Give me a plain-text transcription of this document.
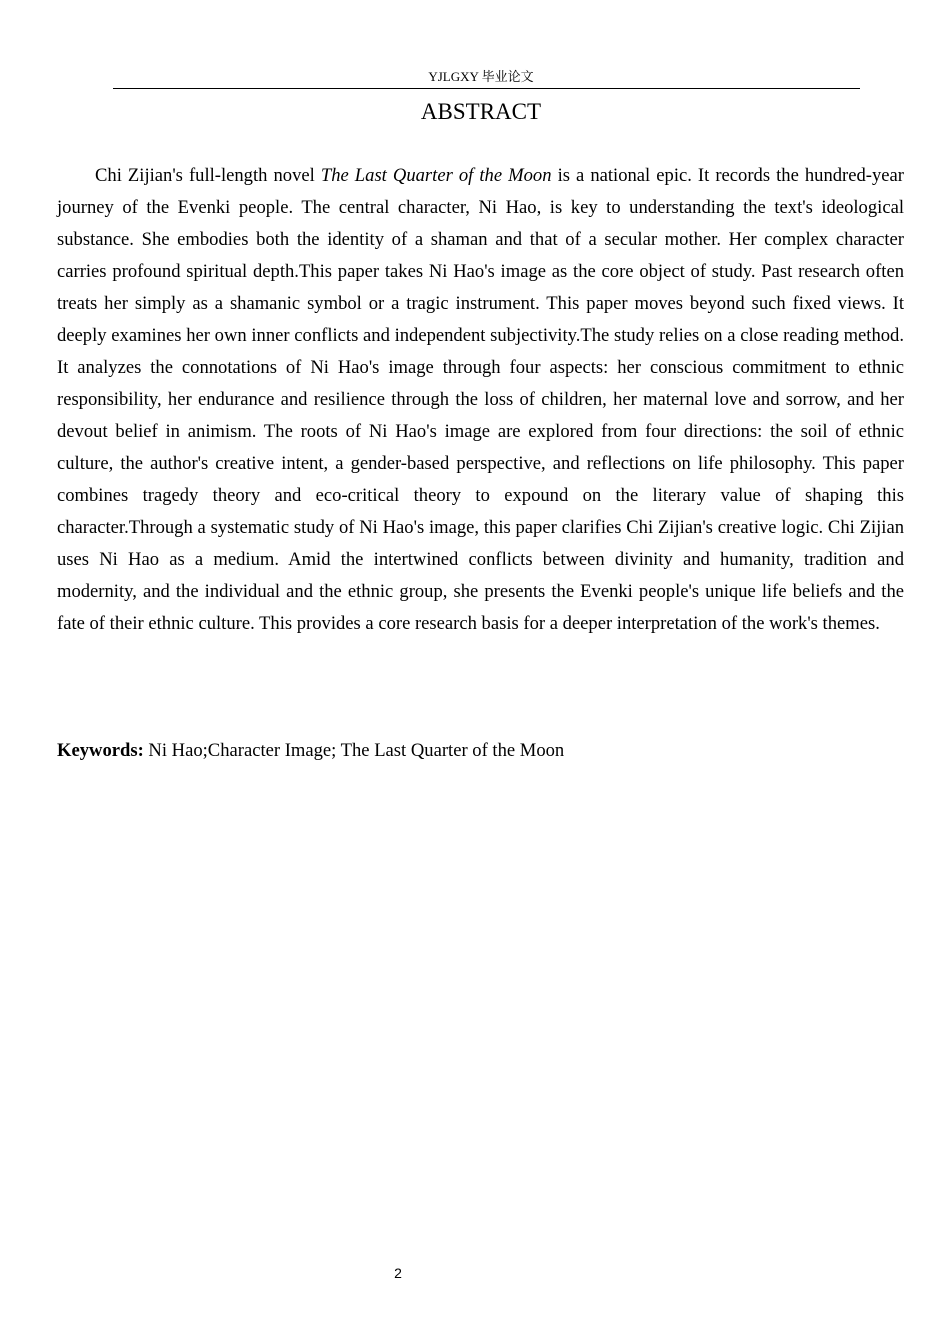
YJLGXY 毕业论文
ABSTRACT

Chi Zijian's full-length novel The Last Quarter of the Moon is a national epic. It records the hundred-year journey of the Evenki people. The central character, Ni Hao, is key to understanding the text's ideological substance. She embodies both the identity of a shaman and that of a secular mother. Her complex character carries profound spiritual depth.This paper takes Ni Hao's image as the core object of study. Past research often treats her simply as a shamanic symbol or a tragic instrument. This paper moves beyond such fixed views. It deeply examines her own inner conflicts and independent subjectivity.The study relies on a close reading method. It analyzes the connotations of Ni Hao's image through four aspects: her conscious commitment to ethnic responsibility, her endurance and resilience through the loss of children, her maternal love and sorrow, and her devout belief in animism. The roots of Ni Hao's image are explored from four directions: the soil of ethnic culture, the author's creative intent, a gender-based perspective, and reflections on life philosophy. This paper combines tragedy theory and eco-critical theory to expound on the literary value of shaping this character.Through a systematic study of Ni Hao's image, this paper clarifies Chi Zijian's creative logic. Chi Zijian uses Ni Hao as a medium. Amid the intertwined conflicts between divinity and humanity, tradition and modernity, and the individual and the ethnic group, she presents the Evenki people's unique life beliefs and the fate of their ethnic culture. This provides a core research basis for a deeper interpretation of the work's themes.

Keywords: Ni Hao;Character Image; The Last Quarter of the Moon

2
